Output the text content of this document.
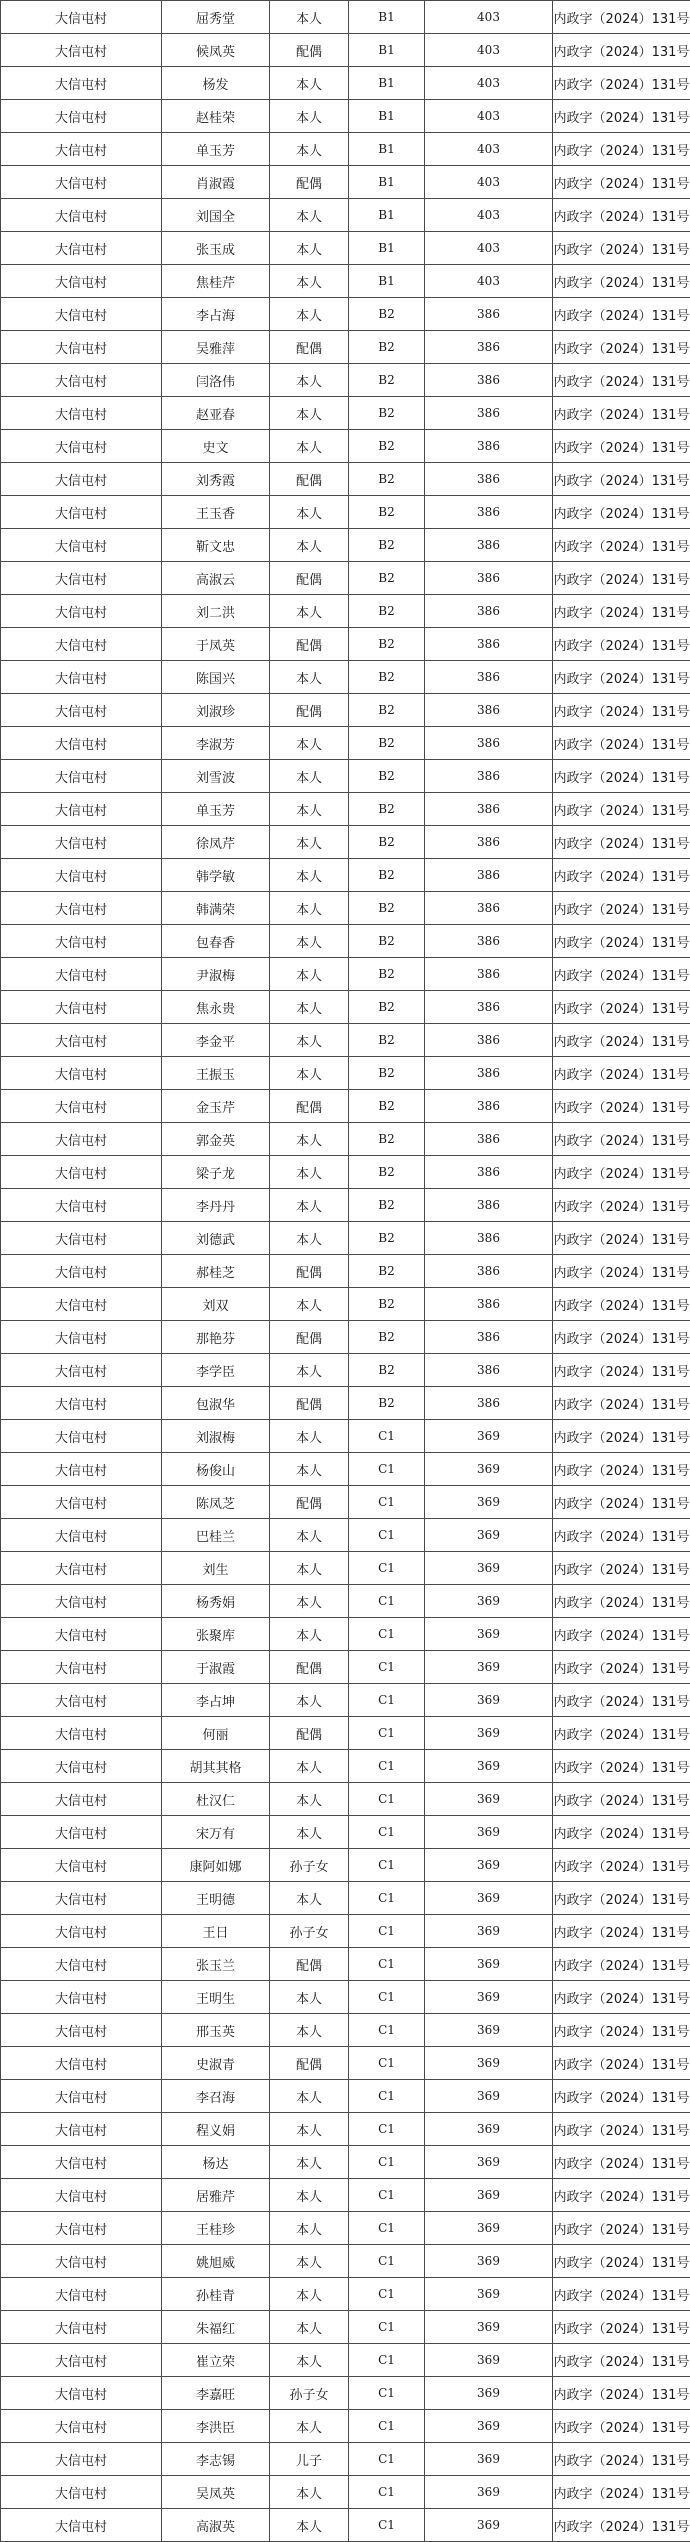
大信屯村	屈秀堂	本人	B1	403	内政字（2024）131号
大信屯村	候凤英	配偶	B1	403	内政字（2024）131号
大信屯村	杨发	本人	B1	403	内政字（2024）131号
大信屯村	赵桂荣	本人	B1	403	内政字（2024）131号
大信屯村	单玉芳	本人	B1	403	内政字（2024）131号
大信屯村	肖淑霞	配偶	B1	403	内政字（2024）131号
大信屯村	刘国全	本人	B1	403	内政字（2024）131号
大信屯村	张玉成	本人	B1	403	内政字（2024）131号
大信屯村	焦桂芹	本人	B1	403	内政字（2024）131号
大信屯村	李占海	本人	B2	386	内政字（2024）131号
大信屯村	吴雅萍	配偶	B2	386	内政字（2024）131号
大信屯村	闫洛伟	本人	B2	386	内政字（2024）131号
大信屯村	赵亚春	本人	B2	386	内政字（2024）131号
大信屯村	史文	本人	B2	386	内政字（2024）131号
大信屯村	刘秀霞	配偶	B2	386	内政字（2024）131号
大信屯村	王玉香	本人	B2	386	内政字（2024）131号
大信屯村	靳文忠	本人	B2	386	内政字（2024）131号
大信屯村	高淑云	配偶	B2	386	内政字（2024）131号
大信屯村	刘二洪	本人	B2	386	内政字（2024）131号
大信屯村	于凤英	配偶	B2	386	内政字（2024）131号
大信屯村	陈国兴	本人	B2	386	内政字（2024）131号
大信屯村	刘淑珍	配偶	B2	386	内政字（2024）131号
大信屯村	李淑芳	本人	B2	386	内政字（2024）131号
大信屯村	刘雪波	本人	B2	386	内政字（2024）131号
大信屯村	单玉芳	本人	B2	386	内政字（2024）131号
大信屯村	徐凤芹	本人	B2	386	内政字（2024）131号
大信屯村	韩学敏	本人	B2	386	内政字（2024）131号
大信屯村	韩满荣	本人	B2	386	内政字（2024）131号
大信屯村	包春香	本人	B2	386	内政字（2024）131号
大信屯村	尹淑梅	本人	B2	386	内政字（2024）131号
大信屯村	焦永贵	本人	B2	386	内政字（2024）131号
大信屯村	李金平	本人	B2	386	内政字（2024）131号
大信屯村	王振玉	本人	B2	386	内政字（2024）131号
大信屯村	金玉芹	配偶	B2	386	内政字（2024）131号
大信屯村	郭金英	本人	B2	386	内政字（2024）131号
大信屯村	梁子龙	本人	B2	386	内政字（2024）131号
大信屯村	李丹丹	本人	B2	386	内政字（2024）131号
大信屯村	刘德武	本人	B2	386	内政字（2024）131号
大信屯村	郝桂芝	配偶	B2	386	内政字（2024）131号
大信屯村	刘双	本人	B2	386	内政字（2024）131号
大信屯村	那艳芬	配偶	B2	386	内政字（2024）131号
大信屯村	李学臣	本人	B2	386	内政字（2024）131号
大信屯村	包淑华	配偶	B2	386	内政字（2024）131号
大信屯村	刘淑梅	本人	C1	369	内政字（2024）131号
大信屯村	杨俊山	本人	C1	369	内政字（2024）131号
大信屯村	陈凤芝	配偶	C1	369	内政字（2024）131号
大信屯村	巴桂兰	本人	C1	369	内政字（2024）131号
大信屯村	刘生	本人	C1	369	内政字（2024）131号
大信屯村	杨秀娟	本人	C1	369	内政字（2024）131号
大信屯村	张聚库	本人	C1	369	内政字（2024）131号
大信屯村	于淑霞	配偶	C1	369	内政字（2024）131号
大信屯村	李占坤	本人	C1	369	内政字（2024）131号
大信屯村	何丽	配偶	C1	369	内政字（2024）131号
大信屯村	胡其其格	本人	C1	369	内政字（2024）131号
大信屯村	杜汉仁	本人	C1	369	内政字（2024）131号
大信屯村	宋万有	本人	C1	369	内政字（2024）131号
大信屯村	康阿如娜	孙子女	C1	369	内政字（2024）131号
大信屯村	王明德	本人	C1	369	内政字（2024）131号
大信屯村	王日	孙子女	C1	369	内政字（2024）131号
大信屯村	张玉兰	配偶	C1	369	内政字（2024）131号
大信屯村	王明生	本人	C1	369	内政字（2024）131号
大信屯村	邢玉英	本人	C1	369	内政字（2024）131号
大信屯村	史淑青	配偶	C1	369	内政字（2024）131号
大信屯村	李召海	本人	C1	369	内政字（2024）131号
大信屯村	程义娟	本人	C1	369	内政字（2024）131号
大信屯村	杨达	本人	C1	369	内政字（2024）131号
大信屯村	居雅芹	本人	C1	369	内政字（2024）131号
大信屯村	王桂珍	本人	C1	369	内政字（2024）131号
大信屯村	姚旭威	本人	C1	369	内政字（2024）131号
大信屯村	孙桂青	本人	C1	369	内政字（2024）131号
大信屯村	朱福红	本人	C1	369	内政字（2024）131号
大信屯村	崔立荣	本人	C1	369	内政字（2024）131号
大信屯村	李嘉旺	孙子女	C1	369	内政字（2024）131号
大信屯村	李洪臣	本人	C1	369	内政字（2024）131号
大信屯村	李志锡	儿子	C1	369	内政字（2024）131号
大信屯村	吴凤英	本人	C1	369	内政字（2024）131号
大信屯村	高淑英	本人	C1	369	内政字（2024）131号
